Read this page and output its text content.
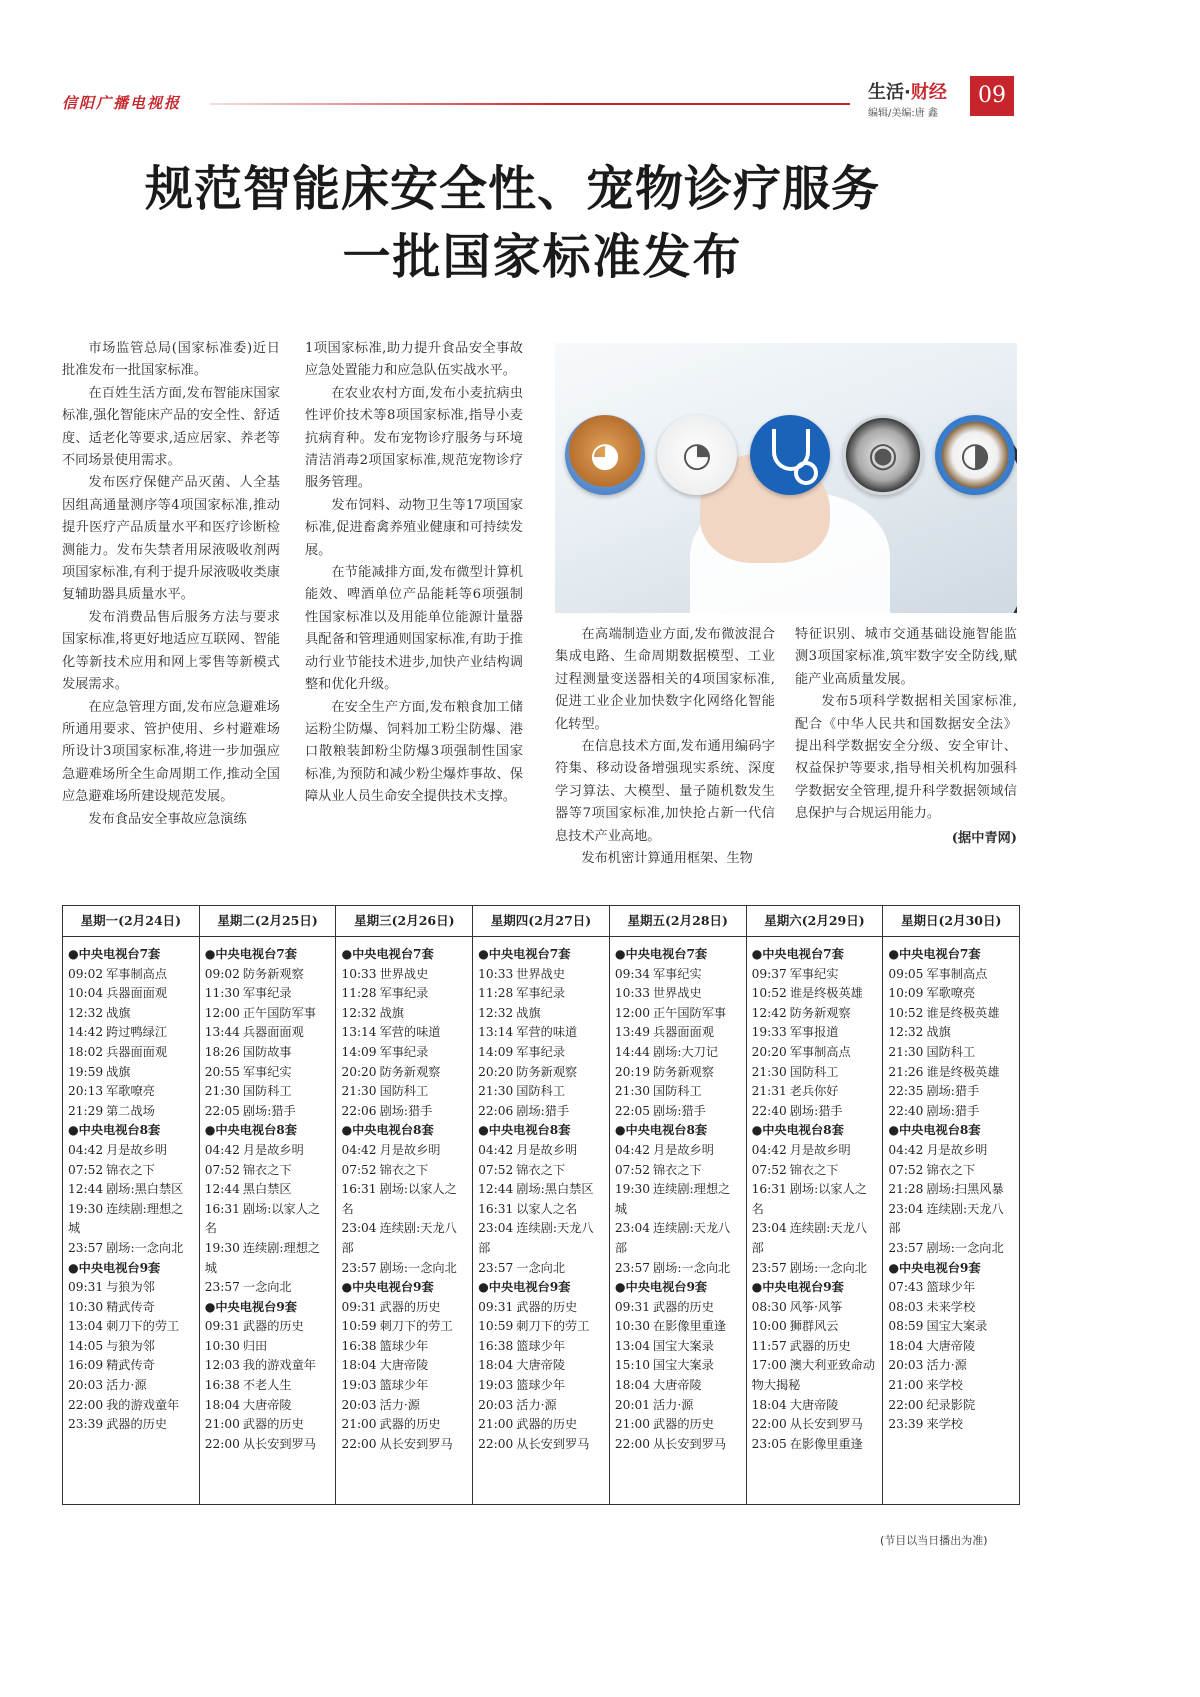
信阳广播电视报	生活·财经
编辑/美编:唐 鑫
09
规范智能床安全性、宠物诊疗服务
一批国家标准发布

市场监管总局(国家标准委)近日批准发布一批国家标准。

在百姓生活方面,发布智能床国家标准,强化智能床产品的安全性、舒适度、适老化等要求,适应居家、养老等不同场景使用需求。

发布医疗保健产品灭菌、人全基因组高通量测序等4项国家标准,推动提升医疗产品质量水平和医疗诊断检测能力。发布失禁者用尿液吸收剂两项国家标准,有利于提升尿液吸收类康复辅助器具质量水平。

发布消费品售后服务方法与要求国家标准,将更好地适应互联网、智能化等新技术应用和网上零售等新模式发展需求。

在应急管理方面,发布应急避难场所通用要求、管护使用、乡村避难场所设计3项国家标准,将进一步加强应急避难场所全生命周期工作,推动全国应急避难场所建设规范发展。

发布食品安全事故应急演练

1项国家标准,助力提升食品安全事故应急处置能力和应急队伍实战水平。

在农业农村方面,发布小麦抗病虫性评价技术等8项国家标准,指导小麦抗病育种。发布宠物诊疗服务与环境清洁消毒2项国家标准,规范宠物诊疗服务管理。

发布饲料、动物卫生等17项国家标准,促进畜禽养殖业健康和可持续发展。

在节能减排方面,发布微型计算机能效、啤酒单位产品能耗等6项强制性国家标准以及用能单位能源计量器具配备和管理通则国家标准,有助于推动行业节能技术进步,加快产业结构调整和优化升级。

在安全生产方面,发布粮食加工储运粉尘防爆、饲料加工粉尘防爆、港口散粮装卸粉尘防爆3项强制性国家标准,为预防和减少粉尘爆炸事故、保障从业人员生命安全提供技术支撑。

◕	◔	◉	◑

在高端制造业方面,发布微波混合集成电路、生命周期数据模型、工业过程测量变送器相关的4项国家标准,促进工业企业加快数字化网络化智能化转型。

在信息技术方面,发布通用编码字符集、移动设备增强现实系统、深度学习算法、大模型、量子随机数发生器等7项国家标准,加快抢占新一代信息技术产业高地。

发布机密计算通用框架、生物

特征识别、城市交通基础设施智能监测3项国家标准,筑牢数字安全防线,赋能产业高质量发展。

发布5项科学数据相关国家标准,配合《中华人民共和国数据安全法》提出科学数据安全分级、安全审计、权益保护等要求,指导相关机构加强科学数据安全管理,提升科学数据领域信息保护与合规运用能力。

(据中青网)
星期一(2月24日)
●中央电视台7套
09:02 军事制高点
10:04 兵器面面观
12:32 战旗
14:42 跨过鸭绿江
18:02 兵器面面观
19:59 战旗
20:13 军歌嘹亮
21:29 第二战场
●中央电视台8套
04:42 月是故乡明
07:52 锦衣之下
12:44 剧场:黑白禁区
19:30 连续剧:理想之城
23:57 剧场:一念向北
●中央电视台9套
09:31 与狼为邻
10:30 精武传奇
13:04 刺刀下的劳工
14:05 与狼为邻
16:09 精武传奇
20:03 活力·源
22:00 我的游戏童年
23:39 武器的历史
星期二(2月25日)
●中央电视台7套
09:02 防务新观察
11:30 军事纪录
12:00 正午国防军事
13:44 兵器面面观
18:26 国防故事
20:55 军事纪实
21:30 国防科工
22:05 剧场:猎手
●中央电视台8套
04:42 月是故乡明
07:52 锦衣之下
12:44 黑白禁区
16:31 剧场:以家人之名
19:30 连续剧:理想之城
23:57 一念向北
●中央电视台9套
09:31 武器的历史
10:30 归田
12:03 我的游戏童年
16:38 不老人生
18:04 大唐帝陵
21:00 武器的历史
22:00 从长安到罗马
星期三(2月26日)
●中央电视台7套
10:33 世界战史
11:28 军事纪录
12:32 战旗
13:14 军营的味道
14:09 军事纪录
20:20 防务新观察
21:30 国防科工
22:06 剧场:猎手
●中央电视台8套
04:42 月是故乡明
07:52 锦衣之下
16:31 剧场:以家人之名
23:04 连续剧:天龙八部
23:57 剧场:一念向北
●中央电视台9套
09:31 武器的历史
10:59 刺刀下的劳工
16:38 篮球少年
18:04 大唐帝陵
19:03 篮球少年
20:03 活力·源
21:00 武器的历史
22:00 从长安到罗马
星期四(2月27日)
●中央电视台7套
10:33 世界战史
11:28 军事纪录
12:32 战旗
13:14 军营的味道
14:09 军事纪录
20:20 防务新观察
21:30 国防科工
22:06 剧场:猎手
●中央电视台8套
04:42 月是故乡明
07:52 锦衣之下
12:44 剧场:黑白禁区
16:31 以家人之名
23:04 连续剧:天龙八部
23:57 一念向北
●中央电视台9套
09:31 武器的历史
10:59 刺刀下的劳工
16:38 篮球少年
18:04 大唐帝陵
19:03 篮球少年
20:03 活力·源
21:00 武器的历史
22:00 从长安到罗马
星期五(2月28日)
●中央电视台7套
09:34 军事纪实
10:33 世界战史
12:00 正午国防军事
13:49 兵器面面观
14:44 剧场:大刀记
20:19 防务新观察
21:30 国防科工
22:05 剧场:猎手
●中央电视台8套
04:42 月是故乡明
07:52 锦衣之下
19:30 连续剧:理想之城
23:04 连续剧:天龙八部
23:57 剧场:一念向北
●中央电视台9套
09:31 武器的历史
10:30 在影像里重逢
13:04 国宝大案录
15:10 国宝大案录
18:04 大唐帝陵
20:01 活力·源
21:00 武器的历史
22:00 从长安到罗马
星期六(2月29日)
●中央电视台7套
09:37 军事纪实
10:52 谁是终极英雄
12:42 防务新观察
19:33 军事报道
20:20 军事制高点
21:30 国防科工
21:31 老兵你好
22:40 剧场:猎手
●中央电视台8套
04:42 月是故乡明
07:52 锦衣之下
16:31 剧场:以家人之名
23:04 连续剧:天龙八部
23:57 剧场:一念向北
●中央电视台9套
08:30 风筝·风筝
10:00 狮群风云
11:57 武器的历史
17:00 澳大利亚致命动物大揭秘
18:04 大唐帝陵
22:00 从长安到罗马
23:05 在影像里重逢
星期日(2月30日)
●中央电视台7套
09:05 军事制高点
10:09 军歌嘹亮
10:52 谁是终极英雄
12:32 战旗
21:30 国防科工
21:26 谁是终极英雄
22:35 剧场:猎手
22:40 剧场:猎手
●中央电视台8套
04:42 月是故乡明
07:52 锦衣之下
21:28 剧场:扫黑风暴
23:04 连续剧:天龙八部
23:57 剧场:一念向北
●中央电视台9套
07:43 篮球少年
08:03 未来学校
08:59 国宝大案录
18:04 大唐帝陵
20:03 活力·源
21:00 来学校
22:00 纪录影院
23:39 来学校
(节目以当日播出为准)
